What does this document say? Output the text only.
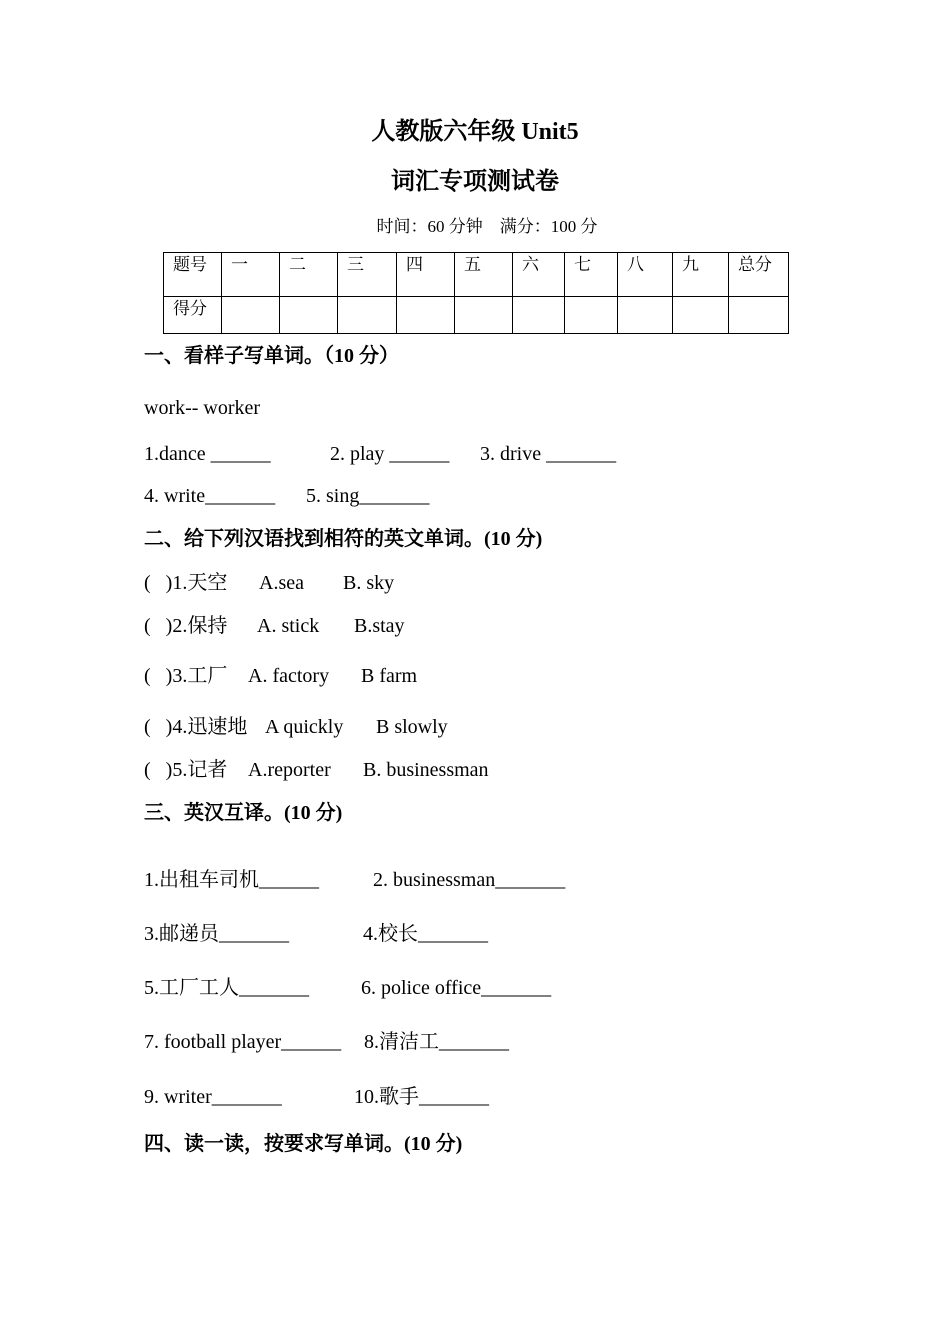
人教版六年级 Unit5
词汇专项测试卷
时间：60 分钟    满分：100 分
题号	一	二	三	四	五	六	七	八	九	总分
得分										
一、看样子写单词。（10 分）
work-- worker

1.dance ______

	2. play ______

3. drive _______

4. write_______

5. sing_______

二、给下列汉语找到相符的英文单词。(10 分)

(   )1.天空

A.sea

B. sky

(   )2.保持

A. stick

B.stay

(   )3.工厂

A. factory

B farm

(   )4.迅速地

A quickly

B slowly

(   )5.记者

A.reporter

B. businessman

三、英汉互译。(10 分)

1.出租车司机______

	2. businessman_______

3.邮递员_______

	4.校长_______

5.工厂工人_______

	6. police office_______

7. football player______

8.清洁工_______

9. writer_______

	10.歌手_______

四、读一读，按要求写单词。(10 分)
